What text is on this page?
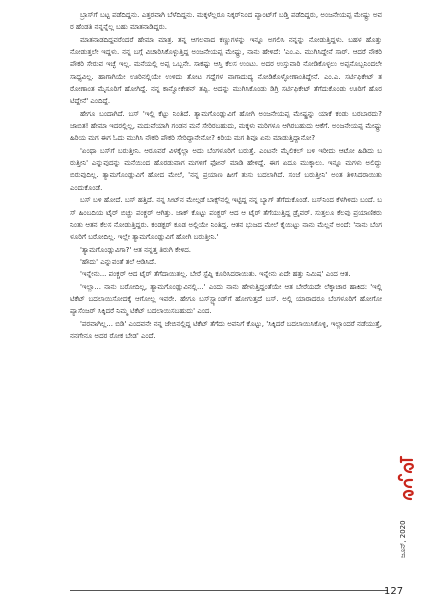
ಬ್ರಾಸ್‌ಗೆ ಬಟ್ಟ ಪಡೆದಿದ್ದನು. ಎತ್ತರವಾಗಿ ಬೆಳೆದಿದ್ದನು. ಮಕ್ಕಳೆಲ್ಲರೂ ನಿಕ್ಕರ್‌ನಿಂದ ಪ್ಯಾಂಟ್‌ಗೆ ಬಡ್ತಿ ಪಡೆದಿದ್ದರು, ಅಂಜನೇಯಪ್ಪ ಮೇಷ್ಟ್ರು ಅವರ ಹೆಂಡತಿ ನನ್ನನ್ನೆಲ್ಲ ಬಹು ಮಾತನಾಡಿದ್ದರು.

ಮಾತನಾಡದಿದ್ದವರೆಂದರೆ ಹೇಮಾ ಮಾತ್ರ. ತನ್ನ ಆಗಲವಾದ ಕಣ್ಣುಗಳನ್ನು ಇನ್ನೂ ಅಗಲಿಸಿ ನನ್ನನ್ನು ನೋಡುತ್ತಿದ್ದಳು. ಬಹಳ ಹೊತ್ತು ನೋಡುತ್ತಲೇ ಇದ್ದಳು. ನನ್ನ ಬಗ್ಗೆ ವಿಚಾರಿಸಿಕೊಳ್ಳುತ್ತಿದ್ದ ಅಂಜನೇಯಪ್ಪ ಮೇಷ್ಟ್ರು, ನಾನು ಹೇಳಿದೆ: 'ಎಂ.ಎ. ಮುಗಿಸಿದ್ದೇನೆ ಸಾರ್. ಆದರೆ ನೌಕರಿ ಪೌಕರಿ ಸೇರುವ ಇಚ್ಛೆ ಇಲ್ಲ. ಮನೆಯಲ್ಲಿ ಅಪ್ಪ ಒಬ್ಬನೇ. ಸಾಕಷ್ಟು ಆಸ್ತಿ ಕೆಲಸ ಉಂಟು. ಅದರ ಉಸ್ತುವಾರಿ ನೋಡಿಕೊಳ್ಳಲು ಅಪ್ಪನೊಬ್ಬನಿಂದಲೇ ಸಾಧ್ಯವಿಲ್ಲ. ಹಾಗಾಗಿಯೇ ಊರಿನಲ್ಲಿಯೇ ಉಳಿದು ತೋಟ ಗದ್ದೆಗಳ ವಾಗಾದುದ್ಯ ನೋಡಿಕೊಳ್ಳೋಣಾಂತಿದ್ದೇನೆ. ಎಂ.ಎ. ಸರ್ಟಿಫಿಕೇಟ್ ತರೋಣಾಂತ ಮೈಸೂರಿಗೆ ಹೋಗಿದ್ದೆ. ನನ್ನ ಕಾನ್ವೋಕೇಶನ್ ತಪ್ಪಿ. ಅದನ್ನು ಮುಗಿಸಿಕೊಂಡು ಡಿಗ್ರಿ ಸರ್ಟಿಫಿಕೇಟ್ ತೆಗೆದುಕೊಂಡು ಊರಿಗೆ ಹೊರಟಿದ್ದೇನೆ' ಎಂದಿದ್ದೆ.

ಹೇಗೂ ಬಂದಾಗಿದೆ. ಬಸ್ 'ಇಲ್ಲಿ ಕೆಟ್ಟು ನಿಂತಿದೆ. ತ್ಯಾಮಗೊಂಡ್ಲುವಿಗೆ ಹೋಗಿ ಅಂಜನೇಯಪ್ಪ ಮೇಷ್ಟ್ರನ್ನು ಯಾಕೆ ಕಂಡು ಬರಬಾರದು? ಜಾಬಿತ! ಹೇಮಾ ಇದರಲ್ಲಿಲ್ಲ, ಮದುವೆಯಾಗಿ ಗಂಡನ ಮನೆ ಸೇರಿರಬಹುದು, ಮಕ್ಕಳು ಮರಿಗಳೂ ಆಗಿರಬಹುದು ಆಕೆಗೆ. ಅಂಜನೇಯಪ್ಪ ಮೇಷ್ಟ್ರು ಹಿರಿಯ ಮಗ ಈಗ ಓದು ಮುಗಿಸಿ ನೌಕರಿ ಪೌಕರಿ ಸೇರಿದ್ದಾನೇನೋ? ಕಿರಿಯ ಮಗ ಶಿವೂ ಏನು ಮಾಡುತ್ತಿದ್ದಾನೋ?

'ಏಂಥಾ ಬಸ್‌ಗೆ ಬರುತ್ತೀನಿ. ಆರೂವರೆ ವಿಳಕ್ಕೆಲ್ಲಾ ಅದು ಬೆಂಗಳೂರಿಗೆ ಬರುತ್ತೆ. ಎಂಟನೇ ಮೈಲಿಕಲ್ ಬಳಿ ಇರೀದು ಆಟೋ ಹಿಡಿದು ಬರುತ್ತೀನಿ' ಎನ್ನುವುದನ್ನು ಮನೆಯಿಂದ ಹೊರಡುವಾಗ ಮಗಳಿಗೆ ಫೋನ್ ಮಾಡಿ ಹೇಳಿದ್ದೆ. ಈಗ ಏದೂ ಮುಕ್ಕಾಲು. ಇನ್ನೂ ಮಗಳು ಅಲಿದ್ದು ಬಿರುವುದಿಲ್ಲ. ತ್ಯಾಮಗೊಂಡ್ಲುವಿಗೆ ಹೋದ ಮೇಲೆ, 'ನನ್ನ ಪ್ರಯಾಣ ಹೀಗೆ ತುಸು ಬದಲಾಗಿದೆ. ಸಂಜೆ ಬರುತ್ತೀನಿ' ಅಂತ ತಿಳಿಸಿದರಾಯಿತು ಎಂದುಕೊಂಡೆ.

ಬಸ್ ಬಳಿ ಹೋದೆ. ಬಸ್ ಹತ್ತಿದೆ. ನನ್ನ ಸೀಟ್‌ನ ಮೇಲ್ಗಡೆ ಬಾಕ್ಸ್‌ನಲ್ಲಿ ಇಟ್ಟಿದ್ದ ನನ್ನ ಬ್ಯಾಗ್ ತೆಗೆದುಕೊಂಡೆ. ಬಸ್‌ನಿಂದ ಕೆಳಗಿಳಿದು ಬಂದೆ. ಬಸ್ ಹಿಂಬದಿಯ ಟೈರ್ ಬಿಚ್ಚು ಪಂಕ್ಚರ್ ಆಗಿತ್ತು. ಜಾಕ್ ಕೊಟ್ಟು ಪಂಕ್ಚರ್ ಆದ ಆ ಟೈರ್ ತೆಗೆಯುತ್ತಿದ್ದ ಡ್ರೈವರ್. ಸುತ್ತಲೂ ಕೆಲವು ಪ್ರಯಾಣಿಕರು ನಿಂತು ಆತನ ಕೆಲಸ ನೋಡುತ್ತಿದ್ದರು. ಕಂಡಕ್ಟರ್ ಕೂಡ ಅಲ್ಲಿಯೇ ನಿಂತಿದ್ದ. ಆತನ ಭುಜದ ಮೇಲೆ ಕೈಯಿಟ್ಟು ನಾನು ಮೆಲ್ಲನೆ ಅಂದೆ: 'ನಾನು ಬೆಂಗಳೂರಿಗೆ ಬರೋದಿಲ್ಲ. ಇಲ್ಲೇ ತ್ಯಾಮಗೊಂಡ್ಲುವಿಗೆ ಹೋಗಿ ಬರುತ್ತೀನಿ.'

'ತ್ಯಾಮಗೊಂಡ್ಲುವಿಗಾ?' ಆತ ನನ್ನತ್ತ ತಿರುಗಿ ಕೇಳಿದ.

'ಹೌದು' ಎನ್ನುವಂತೆ ತಲೆ ಆಡಿಸಿದೆ.

'ಇನ್ನೇನು... ಪಂಕ್ಚರ್ ಆದ ಟೈರ್ ತೆಗೆದಾಯಿತಲ್ಲ. ಬೇರೆ ಸ್ಟೆಪ್ನಿ ಕೂರಿಸಿದರಾಯಿತು. ಇನ್ನೇನು ಏದೇ ಹತ್ತು ನಿಮಿಷ' ಎಂದ ಆತ.

'ಇಲ್ಲಾ... ನಾನು ಬರೋದಿಲ್ಲ, ತ್ಯಾಮಗೊಂಡ್ಲುವಿನಲ್ಲಿ...' ಎಂದು ನಾನು ಹೇಳುತ್ತಿದ್ದಂತೆಯೇ ಆತ ಬೇರೆಯದೇ ಲೆಕ್ಕಾಚಾರ ಹಾಕಿದ: 'ಇಲ್ಲಿ ಟಿಕೆಟ್ ಬದಲಾಯಿಸೋದಕ್ಕೆ ಆಗೋಲ್ಲ ಇವರೇ. ಹೇಗೂ ಬಸ್‌ಸ್ಟ್ಯಾಂಡ್‌ಗೆ ಹೋಗುತ್ತದೆ ಬಸ್. ಅಲ್ಲಿ ಯಾರಾದರೂ ಬೆಂಗಳೂರಿಗೆ ಹೋಗೋ ಪ್ಯಾಸೆಂಜರ್ ಸಿಕ್ಕಿದರೆ ನಿಮ್ಮ ಟಿಕೆಟ್ ಬದಲಾಯಿಸಬಹುದು' ಎಂದ.

'ಪರವಾಗಿಲ್ಲ... ಬಿಡಿ' ಎಂದವನೇ ನನ್ನ ಜೇಬಿನಲ್ಲಿದ್ದ ಟಿಕೆಟ್ ತೆಗೆದು ಅವನಿಗೆ ಕೊಟ್ಟು, 'ಸಿಕ್ಕಿದರೆ ಬದಲಾಯಿಸಿಕೊಳ್ಳಿ, ಇಲ್ಲಾಂದರೆ ನಡೆಯುತ್ತೆ, ನನಗೇನೂ ಅದರ ರೋಕ ಬೇಡ' ಎಂದೆ.

ಜೂನ್, 2020
127
